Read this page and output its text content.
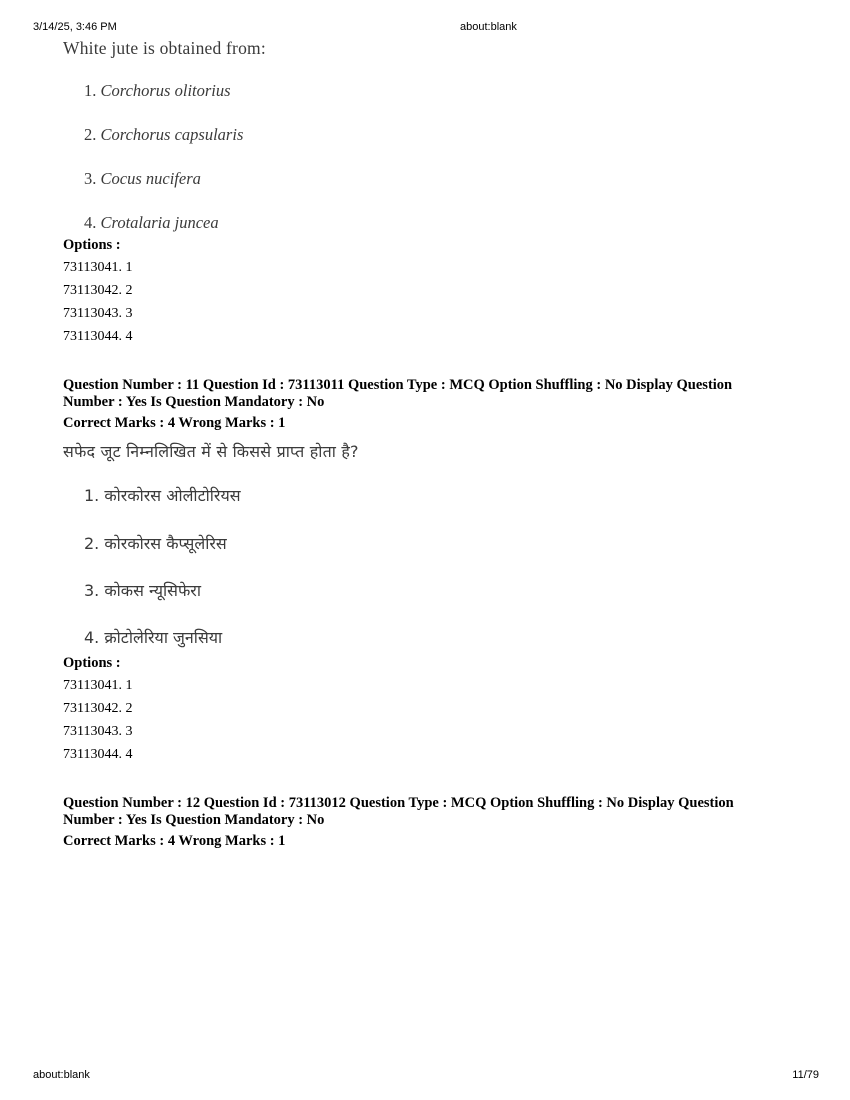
3/14/25, 3:46 PM	about:blank
White jute is obtained from:
1. Corchorus olitorius
2. Corchorus capsularis
3. Cocus nucifera
4. Crotalaria juncea
Options :
73113041. 1
73113042. 2
73113043. 3
73113044. 4
Question Number : 11 Question Id : 73113011 Question Type : MCQ Option Shuffling : No Display Question Number : Yes Is Question Mandatory : No
Correct Marks : 4 Wrong Marks : 1
सफेद जूट निम्नलिखित में से किससे प्राप्त होता है?
1. कोरकोरस ओलीटोरियस
2. कोरकोरस कैप्सूलेरिस
3. कोकस न्यूसिफेरा
4. क्रोटोलेरिया जुनसिया
Options :
73113041. 1
73113042. 2
73113043. 3
73113044. 4
Question Number : 12 Question Id : 73113012 Question Type : MCQ Option Shuffling : No Display Question Number : Yes Is Question Mandatory : No
Correct Marks : 4 Wrong Marks : 1
about:blank	11/79
